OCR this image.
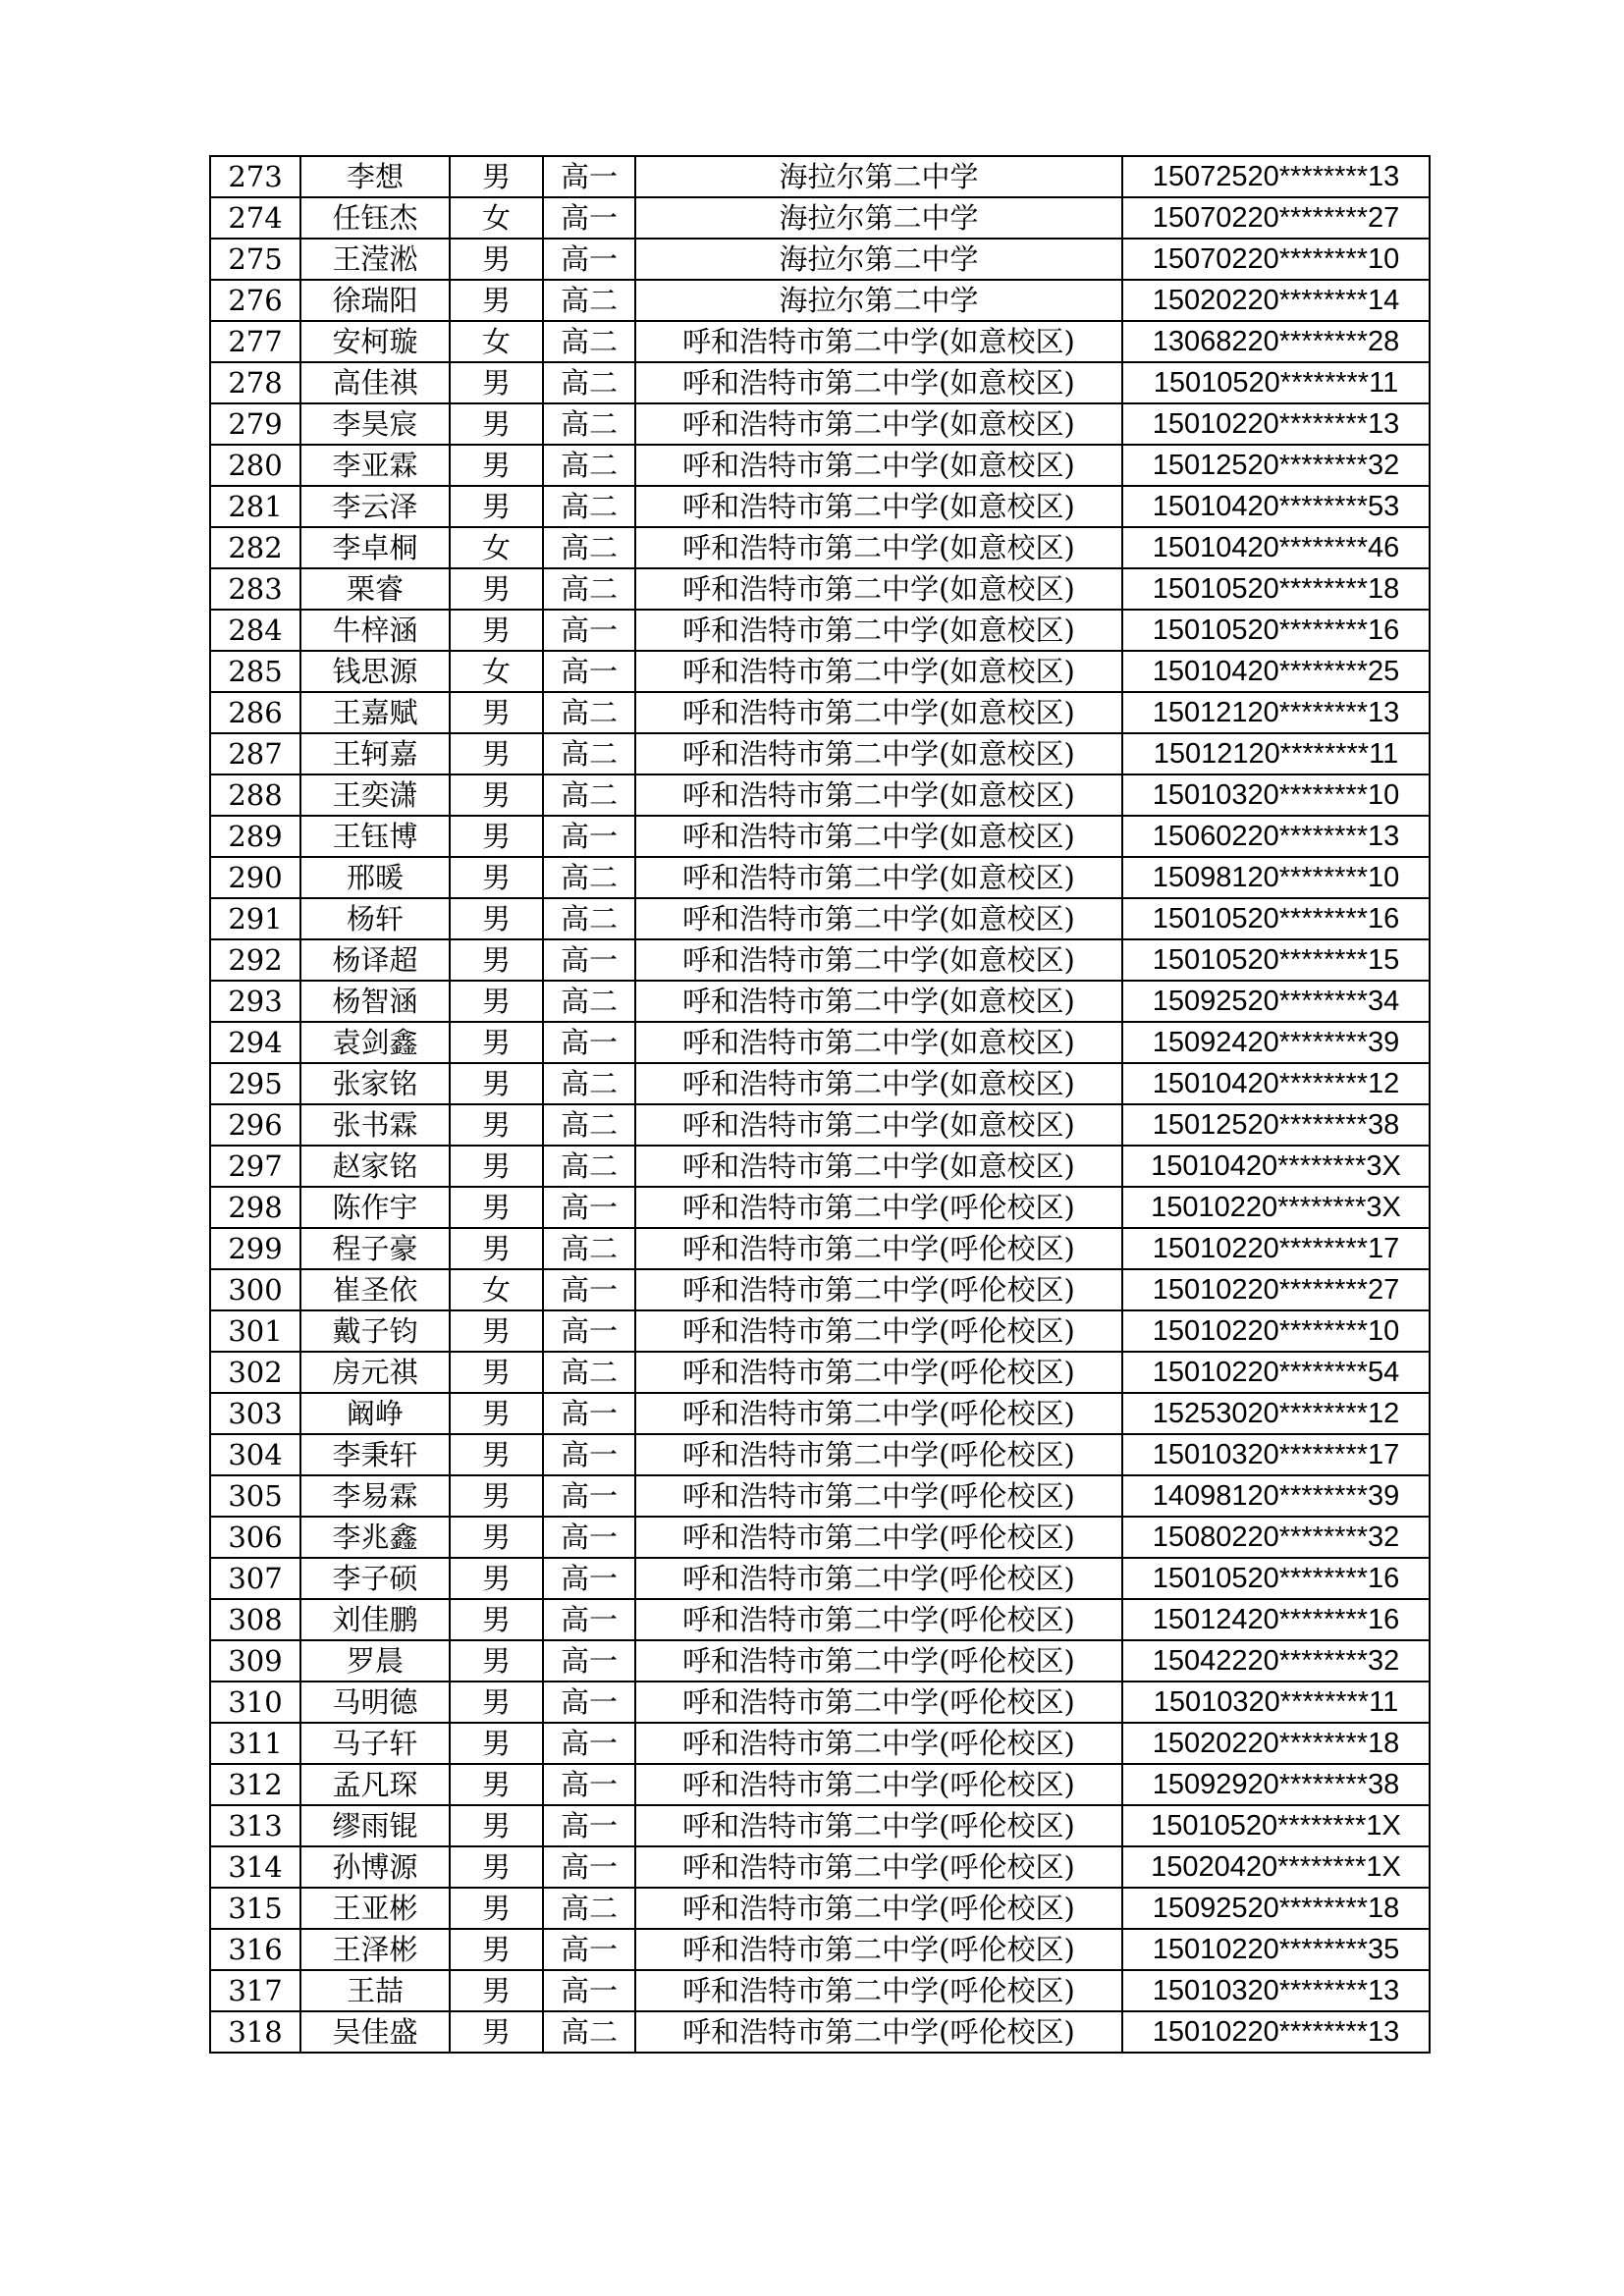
273	李想	男	高一	海拉尔第二中学	15072520********13
274	任钰杰	女	高一	海拉尔第二中学	15070220********27
275	王滢淞	男	高一	海拉尔第二中学	15070220********10
276	徐瑞阳	男	高二	海拉尔第二中学	15020220********14
277	安柯璇	女	高二	呼和浩特市第二中学(如意校区)	13068220********28
278	高佳祺	男	高二	呼和浩特市第二中学(如意校区)	15010520********11
279	李昊宸	男	高二	呼和浩特市第二中学(如意校区)	15010220********13
280	李亚霖	男	高二	呼和浩特市第二中学(如意校区)	15012520********32
281	李云泽	男	高二	呼和浩特市第二中学(如意校区)	15010420********53
282	李卓桐	女	高二	呼和浩特市第二中学(如意校区)	15010420********46
283	栗睿	男	高二	呼和浩特市第二中学(如意校区)	15010520********18
284	牛梓涵	男	高一	呼和浩特市第二中学(如意校区)	15010520********16
285	钱思源	女	高一	呼和浩特市第二中学(如意校区)	15010420********25
286	王嘉赋	男	高二	呼和浩特市第二中学(如意校区)	15012120********13
287	王轲嘉	男	高二	呼和浩特市第二中学(如意校区)	15012120********11
288	王奕潇	男	高二	呼和浩特市第二中学(如意校区)	15010320********10
289	王钰博	男	高一	呼和浩特市第二中学(如意校区)	15060220********13
290	邢暖	男	高二	呼和浩特市第二中学(如意校区)	15098120********10
291	杨轩	男	高二	呼和浩特市第二中学(如意校区)	15010520********16
292	杨译超	男	高一	呼和浩特市第二中学(如意校区)	15010520********15
293	杨智涵	男	高二	呼和浩特市第二中学(如意校区)	15092520********34
294	袁剑鑫	男	高一	呼和浩特市第二中学(如意校区)	15092420********39
295	张家铭	男	高二	呼和浩特市第二中学(如意校区)	15010420********12
296	张书霖	男	高二	呼和浩特市第二中学(如意校区)	15012520********38
297	赵家铭	男	高二	呼和浩特市第二中学(如意校区)	15010420********3X
298	陈作宇	男	高一	呼和浩特市第二中学(呼伦校区)	15010220********3X
299	程子豪	男	高二	呼和浩特市第二中学(呼伦校区)	15010220********17
300	崔圣依	女	高一	呼和浩特市第二中学(呼伦校区)	15010220********27
301	戴子钧	男	高一	呼和浩特市第二中学(呼伦校区)	15010220********10
302	房元祺	男	高二	呼和浩特市第二中学(呼伦校区)	15010220********54
303	阚峥	男	高一	呼和浩特市第二中学(呼伦校区)	15253020********12
304	李秉轩	男	高一	呼和浩特市第二中学(呼伦校区)	15010320********17
305	李易霖	男	高一	呼和浩特市第二中学(呼伦校区)	14098120********39
306	李兆鑫	男	高一	呼和浩特市第二中学(呼伦校区)	15080220********32
307	李子硕	男	高一	呼和浩特市第二中学(呼伦校区)	15010520********16
308	刘佳鹏	男	高一	呼和浩特市第二中学(呼伦校区)	15012420********16
309	罗晨	男	高一	呼和浩特市第二中学(呼伦校区)	15042220********32
310	马明德	男	高一	呼和浩特市第二中学(呼伦校区)	15010320********11
311	马子轩	男	高一	呼和浩特市第二中学(呼伦校区)	15020220********18
312	孟凡琛	男	高一	呼和浩特市第二中学(呼伦校区)	15092920********38
313	缪雨锟	男	高一	呼和浩特市第二中学(呼伦校区)	15010520********1X
314	孙博源	男	高一	呼和浩特市第二中学(呼伦校区)	15020420********1X
315	王亚彬	男	高二	呼和浩特市第二中学(呼伦校区)	15092520********18
316	王泽彬	男	高一	呼和浩特市第二中学(呼伦校区)	15010220********35
317	王喆	男	高一	呼和浩特市第二中学(呼伦校区)	15010320********13
318	吴佳盛	男	高二	呼和浩特市第二中学(呼伦校区)	15010220********13
